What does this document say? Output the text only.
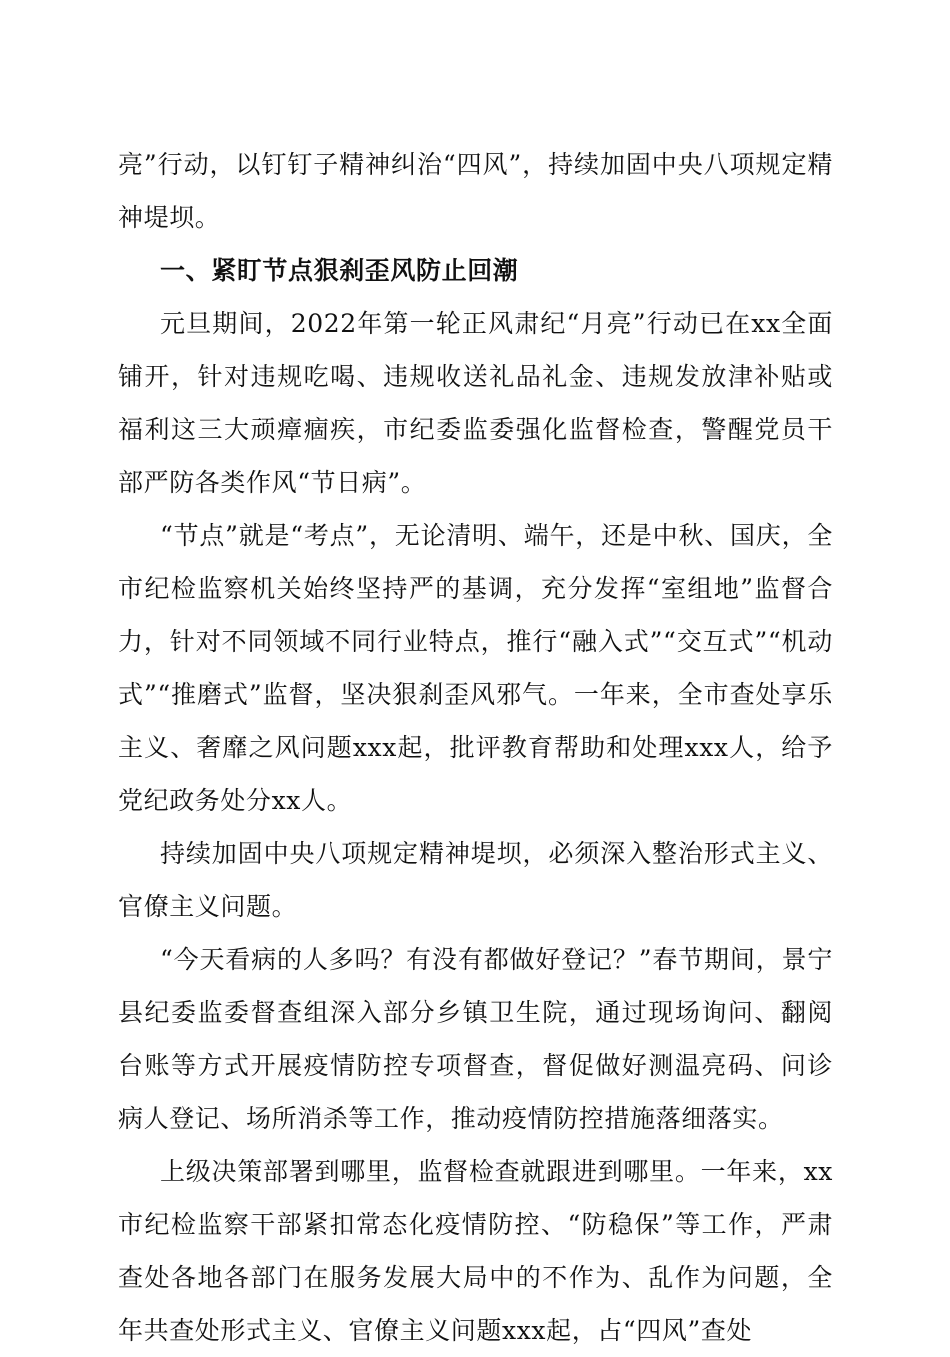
亮”行动，以钉钉子精神纠治“四风”，持续加固中央八项规定精神堤坝。

一、紧盯节点狠刹歪风防止回潮

元旦期间，2022年第一轮正风肃纪“月亮”行动已在xx全面铺开，针对违规吃喝、违规收送礼品礼金、违规发放津补贴或福利这三大顽瘴痼疾，市纪委监委强化监督检查，警醒党员干部严防各类作风“节日病”。

“节点”就是“考点”，无论清明、端午，还是中秋、国庆，全市纪检监察机关始终坚持严的基调，充分发挥“室组地”监督合力，针对不同领域不同行业特点，推行“融入式”“交互式”“机动式”“推磨式”监督，坚决狠刹歪风邪气。一年来，全市查处享乐主义、奢靡之风问题xxx起，批评教育帮助和处理xxx人，给予党纪政务处分xx人。

持续加固中央八项规定精神堤坝，必须深入整治形式主义、官僚主义问题。

“今天看病的人多吗？有没有都做好登记？”春节期间，景宁县纪委监委督查组深入部分乡镇卫生院，通过现场询问、翻阅台账等方式开展疫情防控专项督查，督促做好测温亮码、问诊病人登记、场所消杀等工作，推动疫情防控措施落细落实。

上级决策部署到哪里，监督检查就跟进到哪里。一年来，xx市纪检监察干部紧扣常态化疫情防控、“防稳保”等工作，严肃查处各地各部门在服务发展大局中的不作为、乱作为问题，全年共查处形式主义、官僚主义问题xxx起，占“四风”查处
